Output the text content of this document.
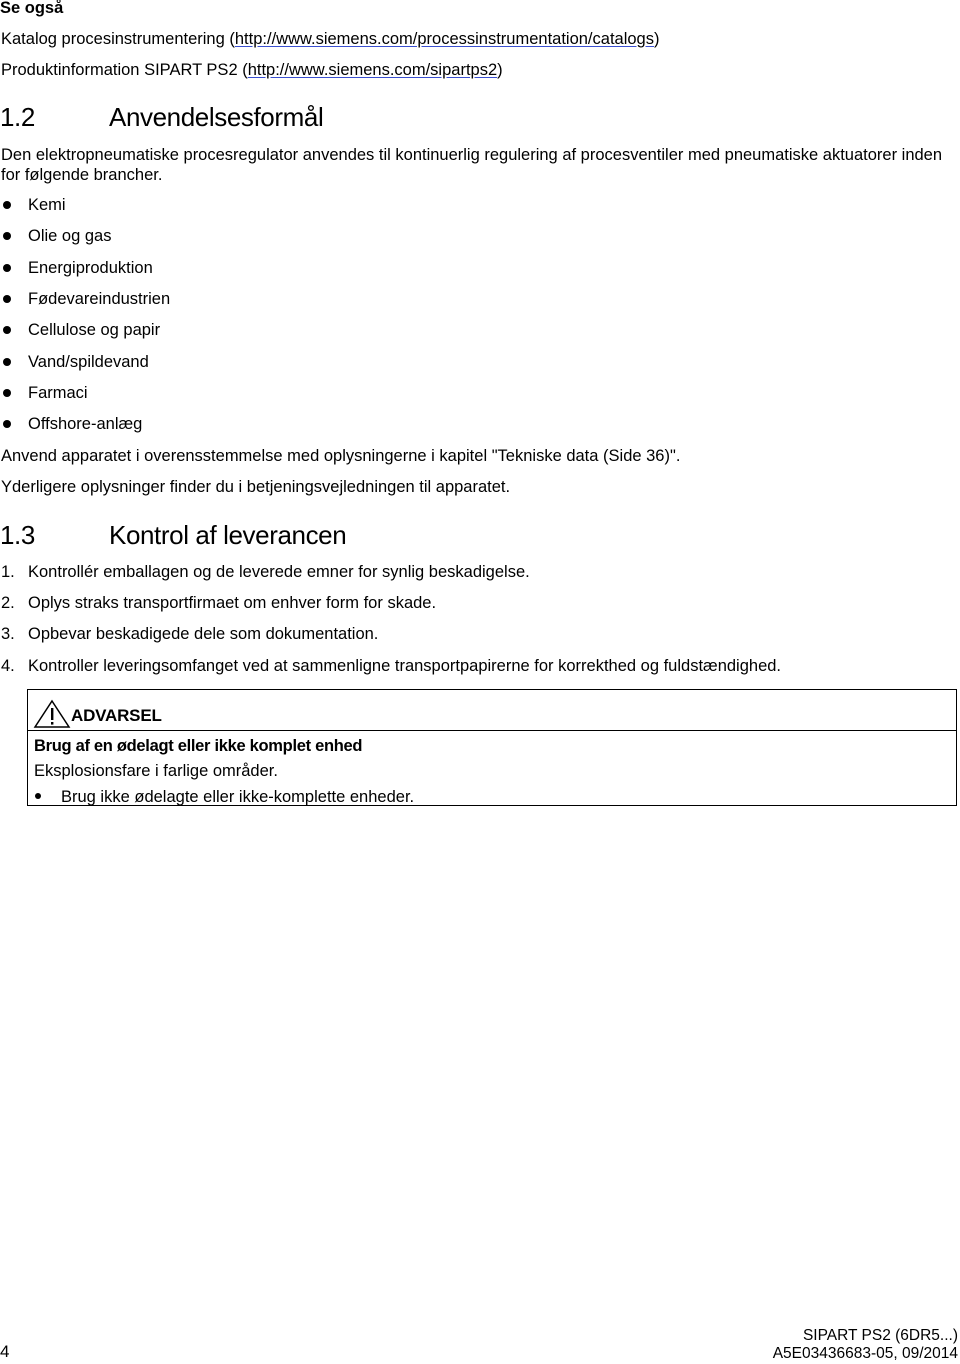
Se også
Katalog procesinstrumentering (http://www.siemens.com/processinstrumentation/catalogs)
Produktinformation SIPART PS2 (http://www.siemens.com/sipartps2)
1.2	Anvendelsesformål
Den elektropneumatiske procesregulator anvendes til kontinuerlig regulering af procesventiler med pneumatiske aktuatorer inden for følgende brancher.
Kemi
Olie og gas
Energiproduktion
Fødevareindustrien
Cellulose og papir
Vand/spildevand
Farmaci
Offshore-anlæg
Anvend apparatet i overensstemmelse med oplysningerne i kapitel "Tekniske data (Side 36)".
Yderligere oplysninger finder du i betjeningsvejledningen til apparatet.
1.3	Kontrol af leverancen
1. Kontrollér emballagen og de leverede emner for synlig beskadigelse.
2. Oplys straks transportfirmaet om enhver form for skade.
3. Opbevar beskadigede dele som dokumentation.
4. Kontroller leveringsomfanget ved at sammenligne transportpapirerne for korrekthed og fuldstændighed.
ADVARSEL
Brug af en ødelagt eller ikke komplet enhed
Eksplosionsfare i farlige områder.
Brug ikke ødelagte eller ikke-komplette enheder.
4
SIPART PS2 (6DR5...)
A5E03436683-05, 09/2014
